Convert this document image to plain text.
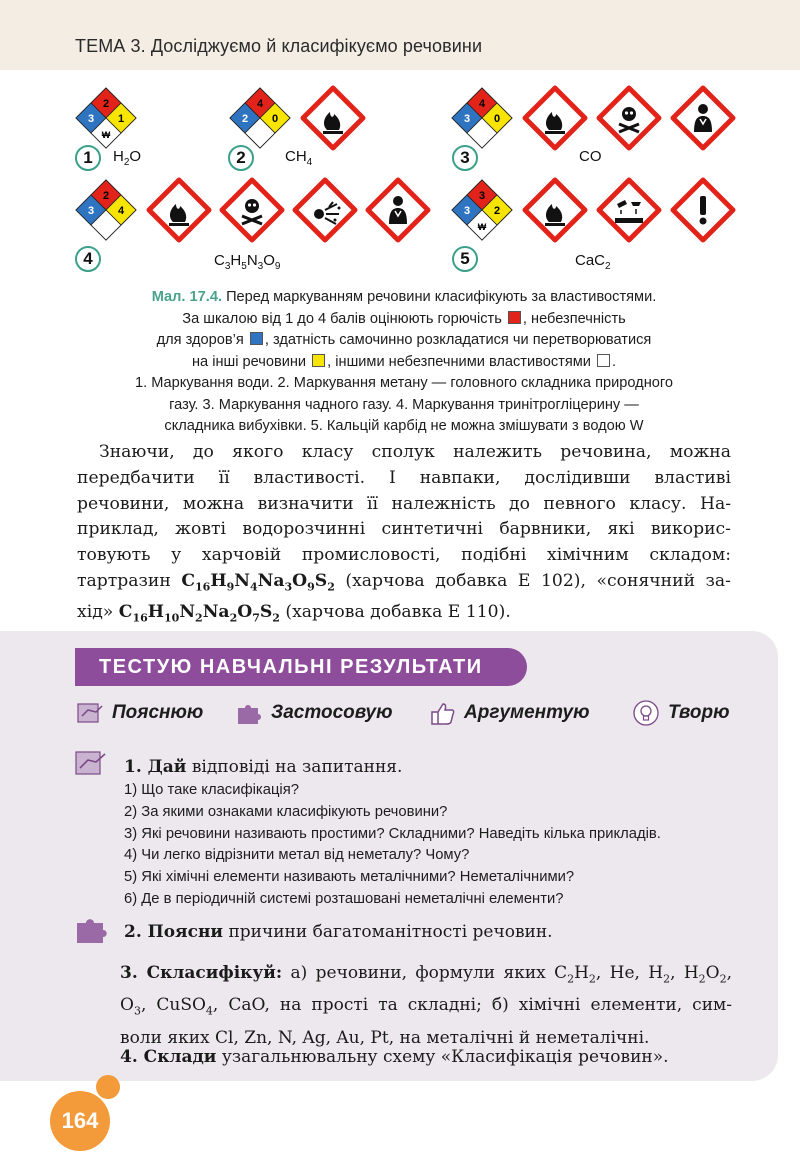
ТЕМА 3. Досліджуємо й класифікуємо речовини
2
3 1
₩
4
2 0
4
3 0
2
3 4
3
3 2
₩
1	$H_2O$	2	$CH_4$	3	CO
4	$C_3H_5N_3O_9$	5	CaC$_2$
Мал. 17.4. Перед маркуванням речовини класифікують за властивостями.
За шкалою від 1 до 4 балів оцінюють горючість , небезпечність
для здоров’я , здатність самочинно розкладатися чи перетворюватися
на інші речовини , іншими небезпечними властивостями .
1. Маркування води. 2. Маркування метану — головного складника природного
газу. 3. Маркування чадного газу. 4. Маркування тринітрогліцерину —
складника вибухівки. 5. Кальцій карбід не можна змішувати з водою W
Знаючи, до якого класу сполук належить речовина, можна
передбачити її властивості. І навпаки, дослідивши властиві
речовини, можна визначити її належність до певного класу. На-
приклад, жовті водорозчинні синтетичні барвники, які викорис-
товують у харчовій промисловості, подібні хімічним складом:
тартразин $C_{16}H_9N_4Na_3O_9S_2$ (харчова добавка Е 102), «сонячний за-
хід» $C_{16}H_{10}N_2Na_2O_7S_2$ (харчова добавка Е 110).
ТЕСТУЮ НАВЧАЛЬНІ РЕЗУЛЬТАТИ
Пояснюю	Застосовую	Аргументую	Творю
1. Дай відповіді на запитання.
1) Що таке класифікація?
2) За якими ознаками класифікують речовини?
3) Які речовини називають простими? Складними? Наведіть кілька прикладів.
4) Чи легко відрізнити метал від неметалу? Чому?
5) Які хімічні елементи називають металічними? Неметалічними?
6) Де в періодичній системі розташовані неметалічні елементи?
2. Поясни причини багатоманітності речовин.
3. Скласифікуй: а) речовини, формули яких $C_2H_2$, He, $H_2$, $H_2O_2$,
$O_3$, CuSO$_4$, CaO, на прості та складні; б) хімічні елементи, сим-
воли яких Cl, Zn, N, Ag, Au, Pt, на металічні й неметалічні.
4. Склади узагальнювальну схему «Класифікація речовин».
164
